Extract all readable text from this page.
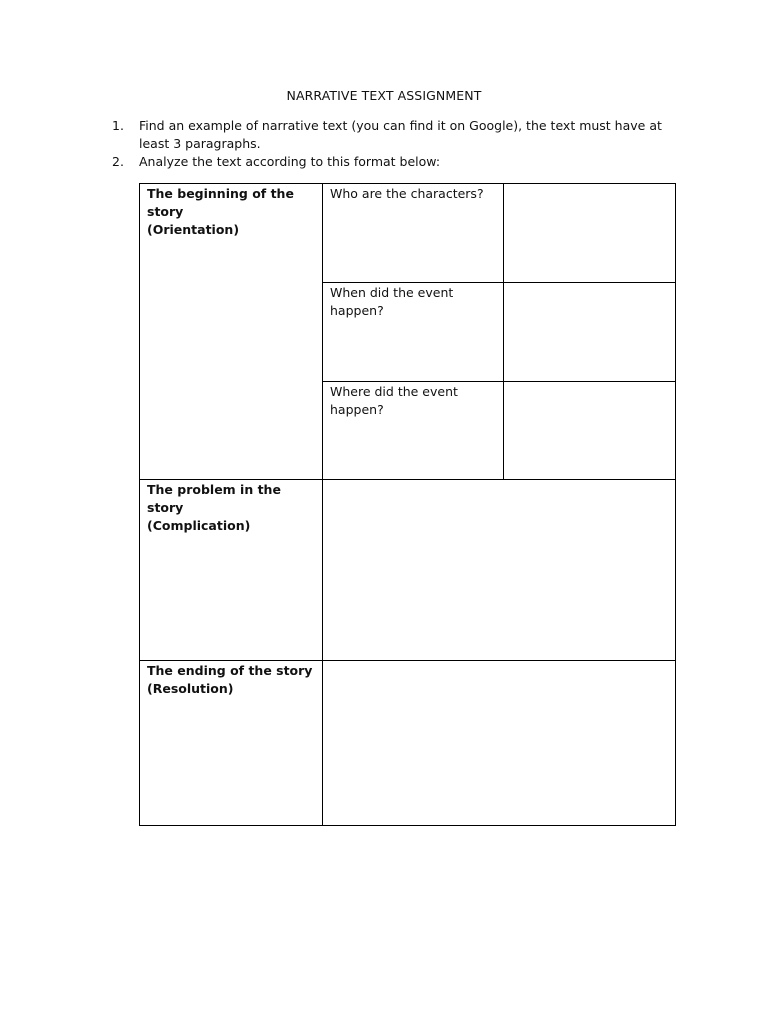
NARRATIVE TEXT ASSIGNMENT
1. Find an example of narrative text (you can find it on Google), the text must have at least 3 paragraphs.
2. Analyze the text according to this format below:
The beginning of the story
(Orientation)	Who are the characters?	

	When did the event happen?	

	Where did the event happen?	

The problem in the story
(Complication)		

The ending of the story
(Resolution)		
